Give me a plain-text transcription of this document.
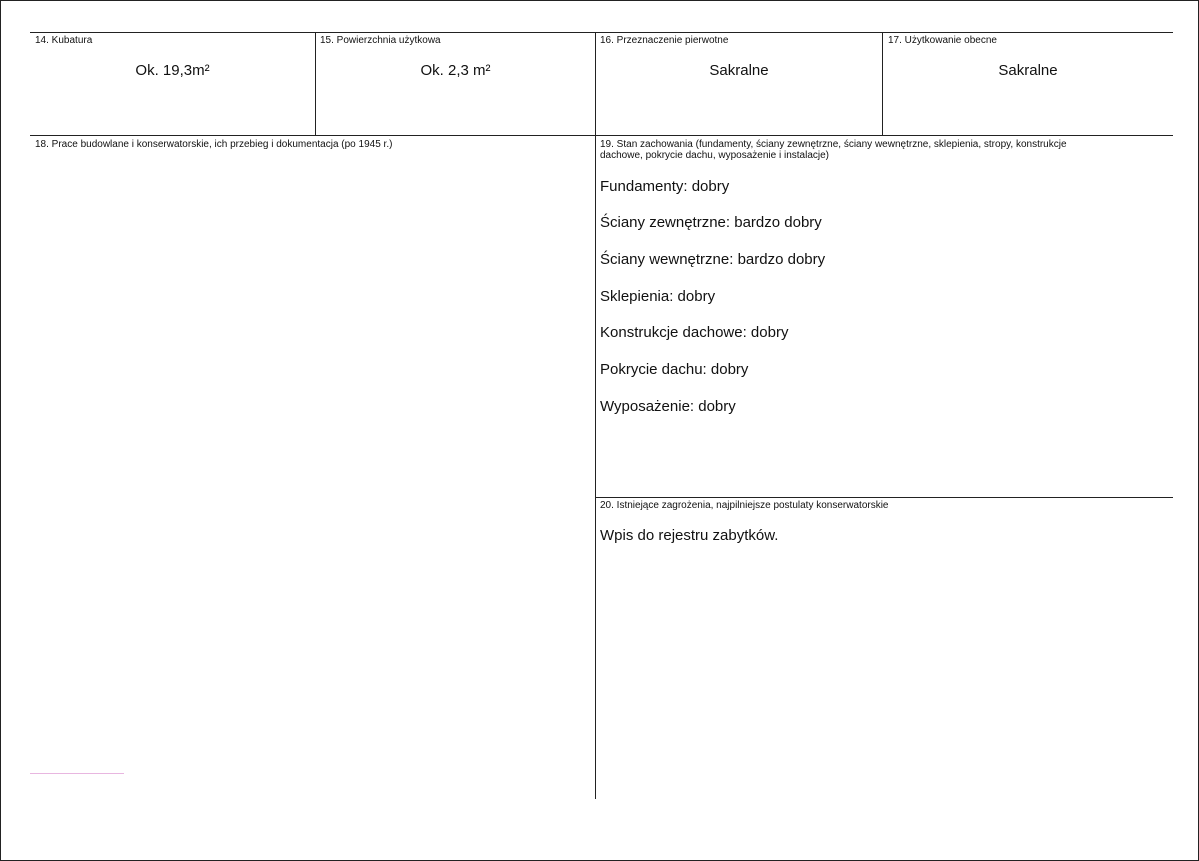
14. Kubatura
Ok. 19,3m²
15. Powierzchnia użytkowa
Ok. 2,3 m²
16. Przeznaczenie pierwotne
Sakralne
17. Użytkowanie obecne
Sakralne
18. Prace budowlane i konserwatorskie, ich przebieg i dokumentacja (po 1945 r.)	19. Stan zachowania (fundamenty, ściany zewnętrzne, ściany wewnętrzne, sklepienia, stropy, konstrukcje dachowe, pokrycie dachu, wyposażenie i instalacje)
Fundamenty: dobry
Ściany zewnętrzne: bardzo dobry
Ściany wewnętrzne: bardzo dobry
Sklepienia: dobry
Konstrukcje dachowe: dobry
Pokrycie dachu: dobry
Wyposażenie: dobry
20. Istniejące zagrożenia, najpilniejsze postulaty konserwatorskie
Wpis do rejestru zabytków.
